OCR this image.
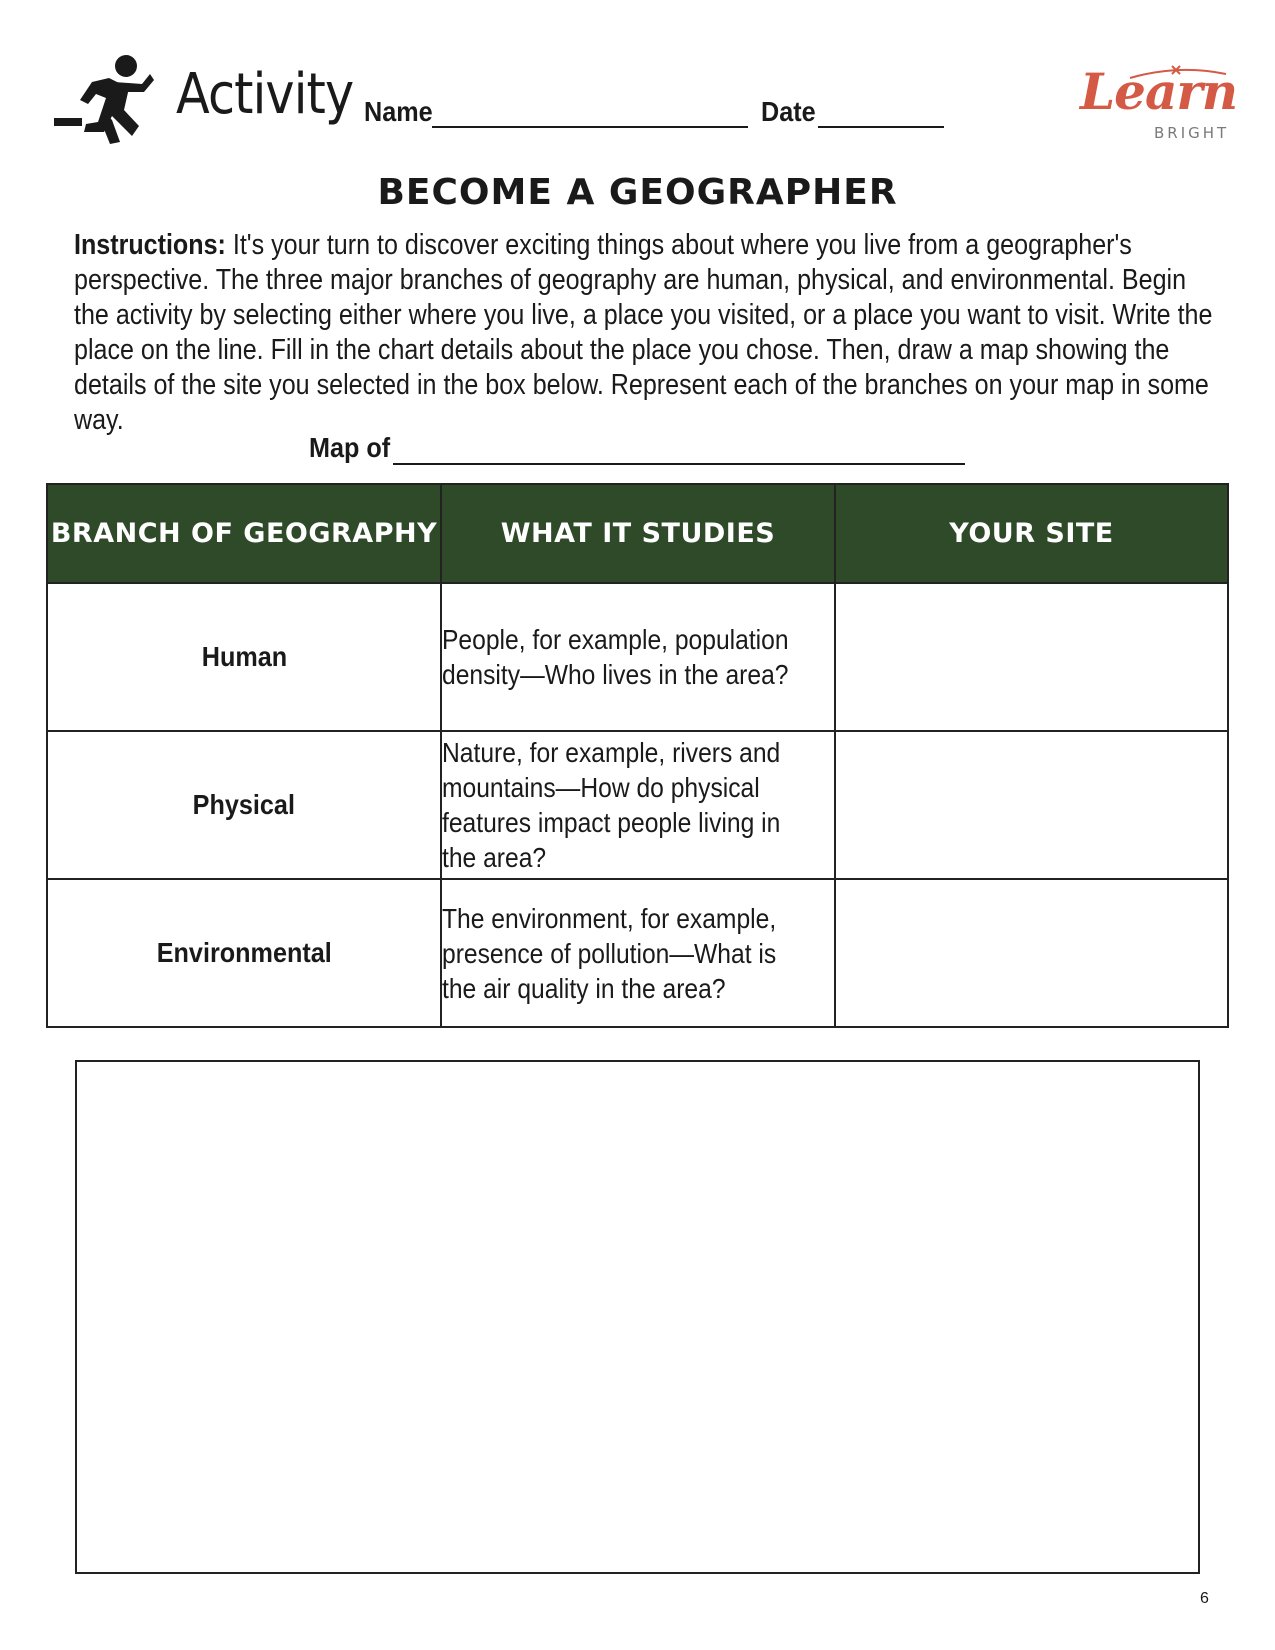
Activity Name	Date	Learn
BRIGHT
BECOME A GEOGRAPHER
Instructions: It's your turn to discover exciting things about where you live from a geographer's perspective. The three major branches of geography are human, physical, and environmental. Begin the activity by selecting either where you live, a place you visited, or a place you want to visit. Write the place on the line. Fill in the chart details about the place you chose. Then, draw a map showing the details of the site you selected in the box below. Represent each of the branches on your map in some way.
Map of
BRANCH OF GEOGRAPHY	WHAT IT STUDIES	YOUR SITE
Human	People, for example, population density—Who lives in the area?	

Physical	Nature, for example, rivers and mountains—How do physical features impact people living in the area?	

Environmental	The environment, for example, presence of pollution—What is the air quality in the area?	

6
